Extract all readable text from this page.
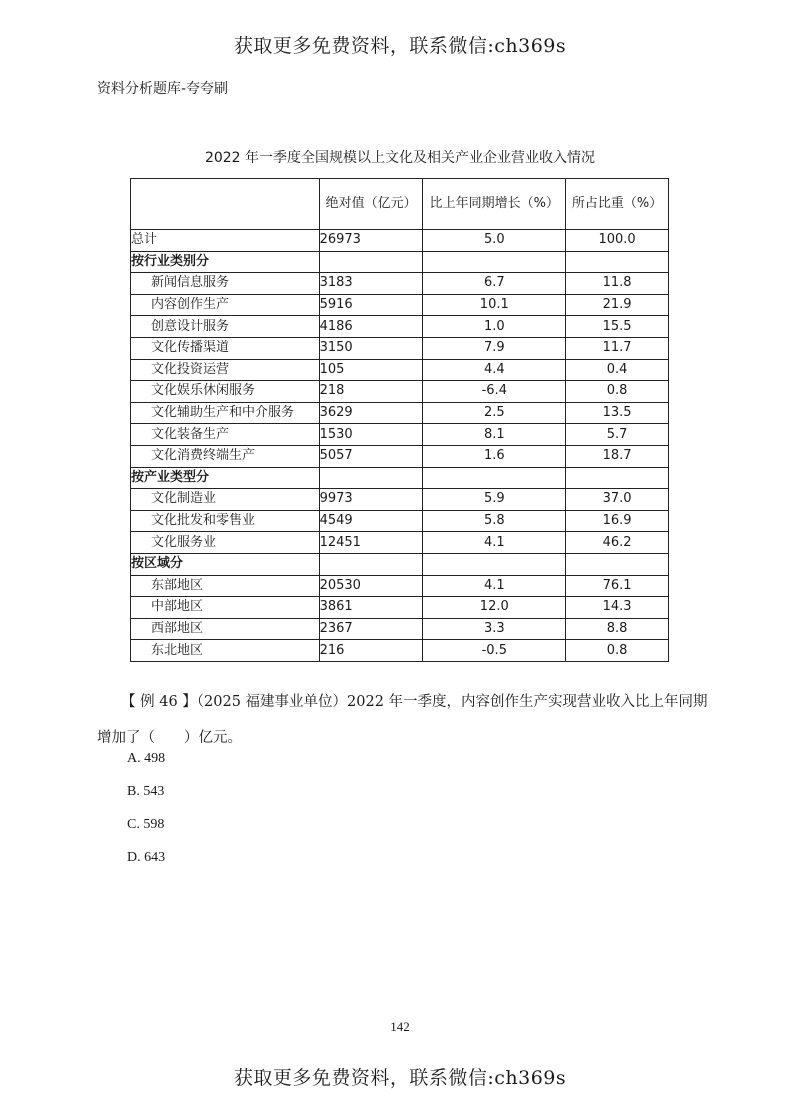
获取更多免费资料，联系微信:ch369s
资料分析题库-夸夸刷
2022 年一季度全国规模以上文化及相关产业企业营业收入情况
	绝对值（亿元）	比上年同期增长（%）	所占比重（%）
总计	26973	5.0	100.0
按行业类别分			
新闻信息服务	3183	6.7	11.8
内容创作生产	5916	10.1	21.9
创意设计服务	4186	1.0	15.5
文化传播渠道	3150	7.9	11.7
文化投资运营	105	4.4	0.4
文化娱乐休闲服务	218	-6.4	0.8
文化辅助生产和中介服务	3629	2.5	13.5
文化装备生产	1530	8.1	5.7
文化消费终端生产	5057	1.6	18.7
按产业类型分			
文化制造业	9973	5.9	37.0
文化批发和零售业	4549	5.8	16.9
文化服务业	12451	4.1	46.2
按区域分			
东部地区	20530	4.1	76.1
中部地区	3861	12.0	14.3
西部地区	2367	3.3	8.8
东北地区	216	-0.5	0.8
【 例 46 】（2025 福建事业单位）2022 年一季度，内容创作生产实现营业收入比上年同期
增加了（　　）亿元。
A. 498
B. 543
C. 598
D. 643
142
获取更多免费资料，联系微信:ch369s
